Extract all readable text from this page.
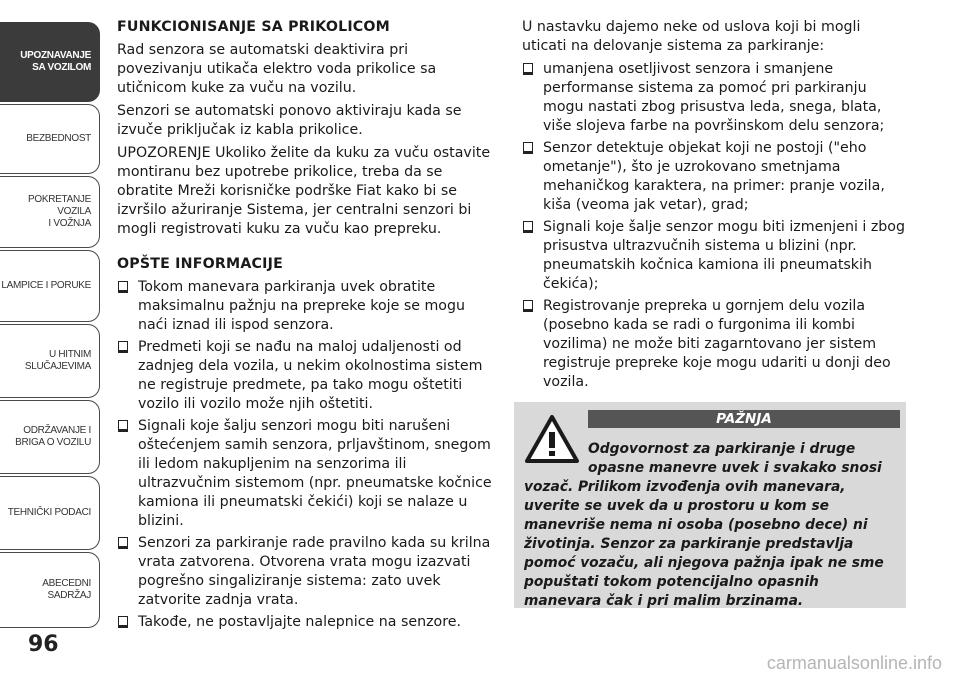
UPOZNAVANJE
SA VOZILOM
BEZBEDNOST
POKRETANJE VOZILA
I VOŽNJA
LAMPICE I PORUKE
U HITNIM
SLUČAJEVIMA
ODRŽAVANJE I
BRIGA O VOZILU
TEHNIČKI PODACI
ABECEDNI SADRŽAJ
96
FUNKCIONISANJE SA PRIKOLICOM

Rad senzora se automatski deaktivira pri povezivanju utikača elektro voda prikolice sa utičnicom kuke za vuču na vozilu.

Senzori se automatski ponovo aktiviraju kada se izvuče priključak iz kabla prikolice.

UPOZORENJE Ukoliko želite da kuku za vuču ostavite montiranu bez upotrebe prikolice, treba da se obratite Mreži korisničke podrške Fiat kako bi se izvršilo ažuriranje Sistema, jer centralni senzori bi mogli registrovati kuku za vuču kao prepreku.

OPŠTE INFORMACIJE
Tokom manevara parkiranja uvek obratite maksimalnu pažnju na prepreke koje se mogu naći iznad ili ispod senzora.
Predmeti koji se nađu na maloj udaljenosti od zadnjeg dela vozila, u nekim okolnostima sistem ne registruje predmete, pa tako mogu oštetiti vozilo ili vozilo može njih oštetiti.
Signali koje šalju senzori mogu biti narušeni oštećenjem samih senzora, prljavštinom, snegom ili ledom nakupljenim na senzorima ili ultrazvučnim sistemom (npr. pneumatske kočnice kamiona ili pneumatski čekići) koji se nalaze u blizini.
Senzori za parkiranje rade pravilno kada su krilna vrata zatvorena. Otvorena vrata mogu izazvati pogrešno singaliziranje sistema: zato uvek zatvorite zadnja vrata.
Takođe, ne postavljajte nalepnice na senzore.

U nastavku dajemo neke od uslova koji bi mogli uticati na delovanje sistema za parkiranje:

umanjena osetljivost senzora i smanjene performanse sistema za pomoć pri parkiranju mogu nastati zbog prisustva leda, snega, blata, više slojeva farbe na površinskom delu senzora;
Senzor detektuje objekat koji ne postoji ("eho ometanje"), što je uzrokovano smetnjama mehaničkog karaktera, na primer: pranje vozila, kiša (veoma jak vetar), grad;
Signali koje šalje senzor mogu biti izmenjeni i zbog prisustva ultrazvučnih sistema u blizini (npr. pneumatskih kočnica kamiona ili pneumatskih čekića);
Registrovanje prepreka u gornjem delu vozila (posebno kada se radi o furgonima ili kombi vozilima) ne može biti zagarntovano jer sistem registruje prepreke koje mogu udariti u donji deo vozila.
PAŽNJA
Odgovornost za parkiranje i druge opasne manevre uvek i svakako snosi
vozač. Prilikom izvođenja ovih manevara, uverite se uvek da u prostoru u kom se manevriše nema ni osoba (posebno dece) ni životinja. Senzor za parkiranje predstavlja pomoć vozaču, ali njegova pažnja ipak ne sme popuštati tokom potencijalno opasnih manevara čak i pri malim brzinama.
carmanualsonline.info
